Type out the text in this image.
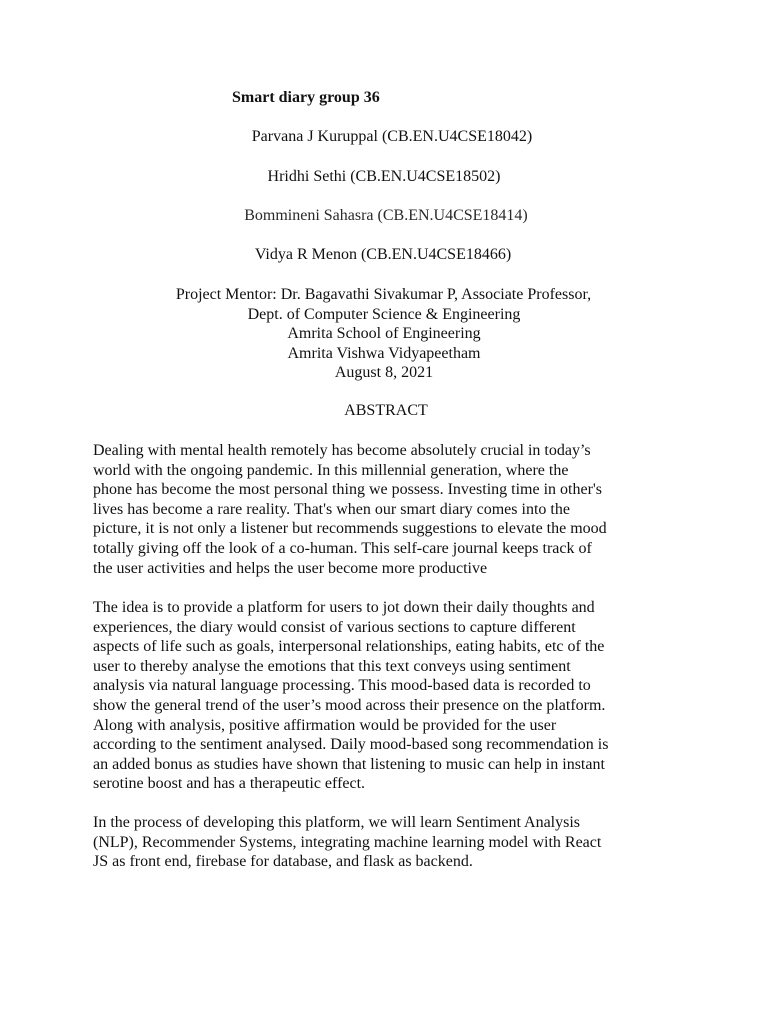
Smart diary group 36
Parvana J Kuruppal (CB.EN.U4CSE18042)
Hridhi Sethi (CB.EN.U4CSE18502)
Bommineni Sahasra (CB.EN.U4CSE18414)
Vidya R Menon (CB.EN.U4CSE18466)
Project Mentor: Dr. Bagavathi Sivakumar P, Associate Professor,
Dept. of Computer Science & Engineering
Amrita School of Engineering
Amrita Vishwa Vidyapeetham
August 8, 2021
ABSTRACT
Dealing with mental health remotely has become absolutely crucial in today’s
world with the ongoing pandemic. In this millennial generation, where the
phone has become the most personal thing we possess. Investing time in other's
lives has become a rare reality. That's when our smart diary comes into the
picture, it is not only a listener but recommends suggestions to elevate the mood
totally giving off the look of a co-human. This self-care journal keeps track of
the user activities and helps the user become more productive
The idea is to provide a platform for users to jot down their daily thoughts and
experiences, the diary would consist of various sections to capture different
aspects of life such as goals, interpersonal relationships, eating habits, etc of the
user to thereby analyse the emotions that this text conveys using sentiment
analysis via natural language processing. This mood-based data is recorded to
show the general trend of the user’s mood across their presence on the platform.
Along with analysis, positive affirmation would be provided for the user
according to the sentiment analysed. Daily mood-based song recommendation is
an added bonus as studies have shown that listening to music can help in instant
serotine boost and has a therapeutic effect.
In the process of developing this platform, we will learn Sentiment Analysis
(NLP), Recommender Systems, integrating machine learning model with React
JS as front end, firebase for database, and flask as backend.
